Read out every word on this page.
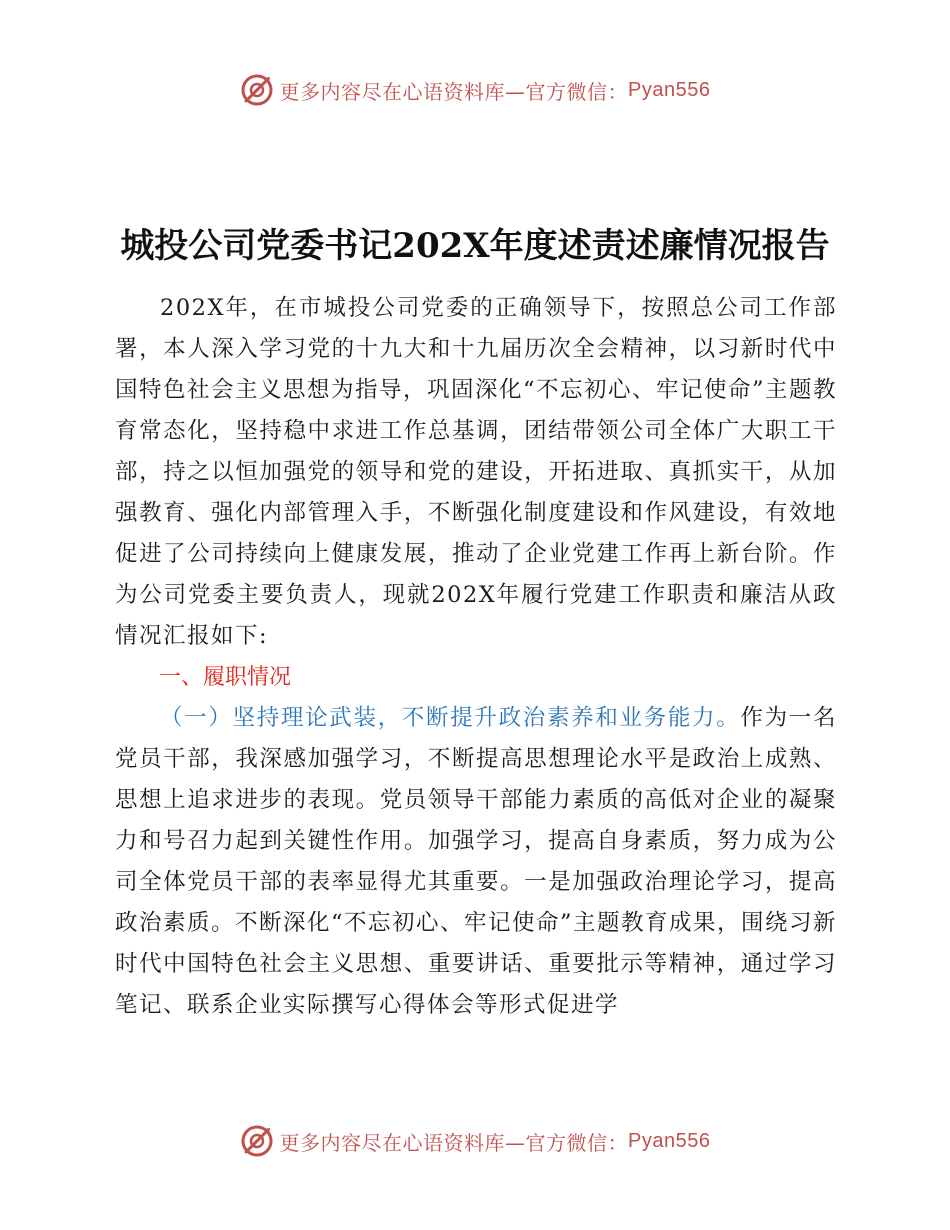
更多内容尽在心语资料库—官方微信： Pyan556
城投公司党委书记202X年度述责述廉情况报告

202X年，在市城投公司党委的正确领导下，按照总公司工作部署，本人深入学习党的十九大和十九届历次全会精神，以习新时代中国特色社会主义思想为指导，巩固深化“不忘初心、牢记使命”主题教育常态化，坚持稳中求进工作总基调，团结带领公司全体广大职工干部，持之以恒加强党的领导和党的建设，开拓进取、真抓实干，从加强教育、强化内部管理入手，不断强化制度建设和作风建设，有效地促进了公司持续向上健康发展，推动了企业党建工作再上新台阶。作为公司党委主要负责人，现就202X年履行党建工作职责和廉洁从政情况汇报如下:

一、履职情况

（一）坚持理论武装，不断提升政治素养和业务能力。作为一名党员干部，我深感加强学习，不断提高思想理论水平是政治上成熟、思想上追求进步的表现。党员领导干部能力素质的高低对企业的凝聚力和号召力起到关键性作用。加强学习，提高自身素质，努力成为公司全体党员干部的表率显得尤其重要。一是加强政治理论学习，提高政治素质。不断深化“不忘初心、牢记使命”主题教育成果，围绕习新时代中国特色社会主义思想、重要讲话、重要批示等精神，通过学习笔记、联系企业实际撰写心得体会等形式促进学

更多内容尽在心语资料库—官方微信： Pyan556
